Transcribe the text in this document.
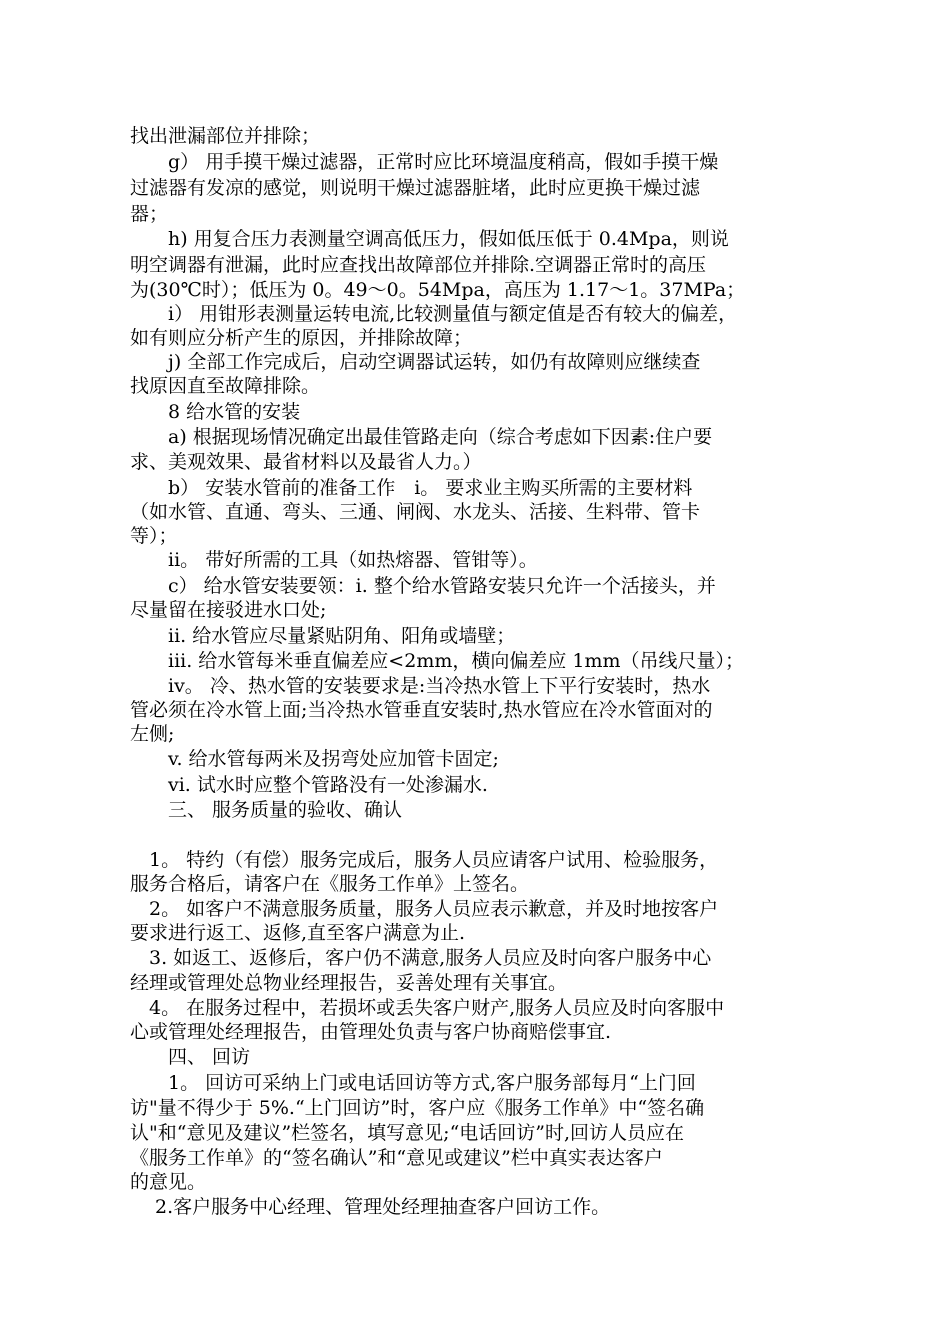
找出泄漏部位并排除；
　　g） 用手摸干燥过滤器，正常时应比环境温度稍高，假如手摸干燥
过滤器有发凉的感觉，则说明干燥过滤器脏堵，此时应更换干燥过滤
器；
　　h) 用复合压力表测量空调高低压力，假如低压低于 0.4Mpa，则说
明空调器有泄漏，此时应查找出故障部位并排除.空调器正常时的高压
为(30℃时）；低压为 0。49～0。54Mpa，高压为 1.17～1。37MPa；
　　i） 用钳形表测量运转电流,比较测量值与额定值是否有较大的偏差，
如有则应分析产生的原因，并排除故障；
　　j) 全部工作完成后，启动空调器试运转，如仍有故障则应继续查
找原因直至故障排除。
　　8 给水管的安装
　　a) 根据现场情况确定出最佳管路走向（综合考虑如下因素:住户要
求、美观效果、最省材料以及最省人力。）
　　b） 安装水管前的准备工作　i。 要求业主购买所需的主要材料
（如水管、直通、弯头、三通、闸阀、水龙头、活接、生料带、管卡
等）；
　　ii。 带好所需的工具（如热熔器、管钳等）。
　　c） 给水管安装要领：i. 整个给水管路安装只允许一个活接头，并
尽量留在接驳进水口处;
　　ii. 给水管应尽量紧贴阴角、阳角或墙壁；
　　iii. 给水管每米垂直偏差应<2mm，横向偏差应 1mm（吊线尺量）；
　　iv。 冷、热水管的安装要求是:当冷热水管上下平行安装时，热水
管必须在冷水管上面;当冷热水管垂直安装时,热水管应在冷水管面对的
左侧;
　　v. 给水管每两米及拐弯处应加管卡固定;
　　vi. 试水时应整个管路没有一处渗漏水.
　　三、 服务质量的验收、确认
　1。 特约（有偿）服务完成后，服务人员应请客户试用、检验服务，
服务合格后，请客户在《服务工作单》上签名。
　2。 如客户不满意服务质量，服务人员应表示歉意，并及时地按客户
要求进行返工、返修,直至客户满意为止.
　3. 如返工、返修后，客户仍不满意,服务人员应及时向客户服务中心
经理或管理处总物业经理报告，妥善处理有关事宜。
　4。 在服务过程中，若损坏或丢失客户财产,服务人员应及时向客服中
心或管理处经理报告，由管理处负责与客户协商赔偿事宜.
　　四、 回访
　　1。 回访可采纳上门或电话回访等方式,客户服务部每月“上门回
访"量不得少于 5%.“上门回访”时，客户应《服务工作单》中“签名确
认"和“意见及建议”栏签名，填写意见;“电话回访”时,回访人员应在
《服务工作单》的“签名确认”和“意见或建议”栏中真实表达客户
的意见。
　 2.客户服务中心经理、管理处经理抽查客户回访工作。
